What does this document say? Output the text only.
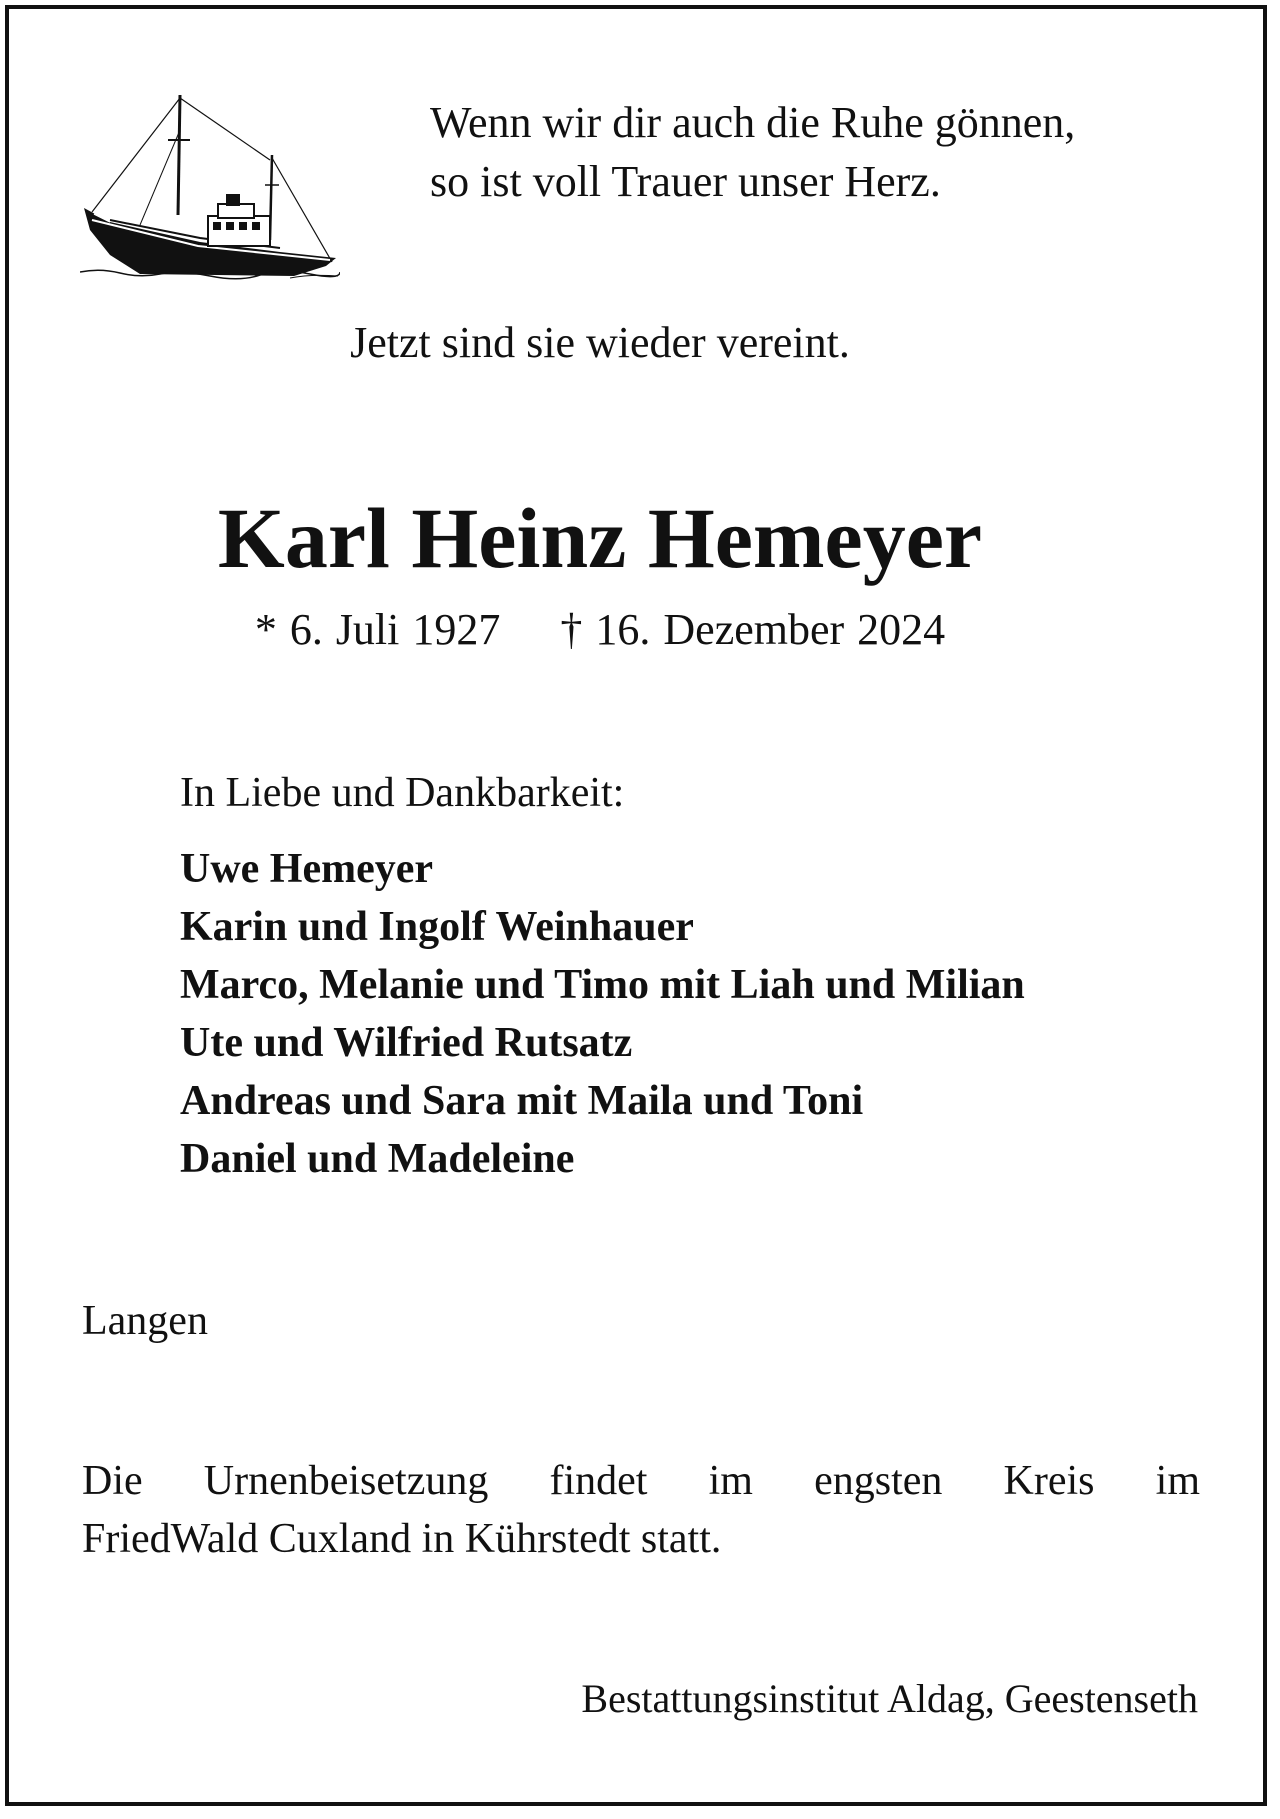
Wenn wir dir auch die Ruhe gönnen,
so ist voll Trauer unser Herz.
Jetzt sind sie wieder vereint.
Karl Heinz Hemeyer
* 6. Juli 1927 † 16. Dezember 2024
In Liebe und Dankbarkeit:
Uwe Hemeyer
Karin und Ingolf Weinhauer
Marco, Melanie und Timo mit Liah und Milian
Ute und Wilfried Rutsatz
Andreas und Sara mit Maila und Toni
Daniel und Madeleine
Langen
Die Urnenbeisetzung findet im engsten Kreis im
FriedWald Cuxland in Kührstedt statt.
Bestattungsinstitut Aldag, Geestenseth
